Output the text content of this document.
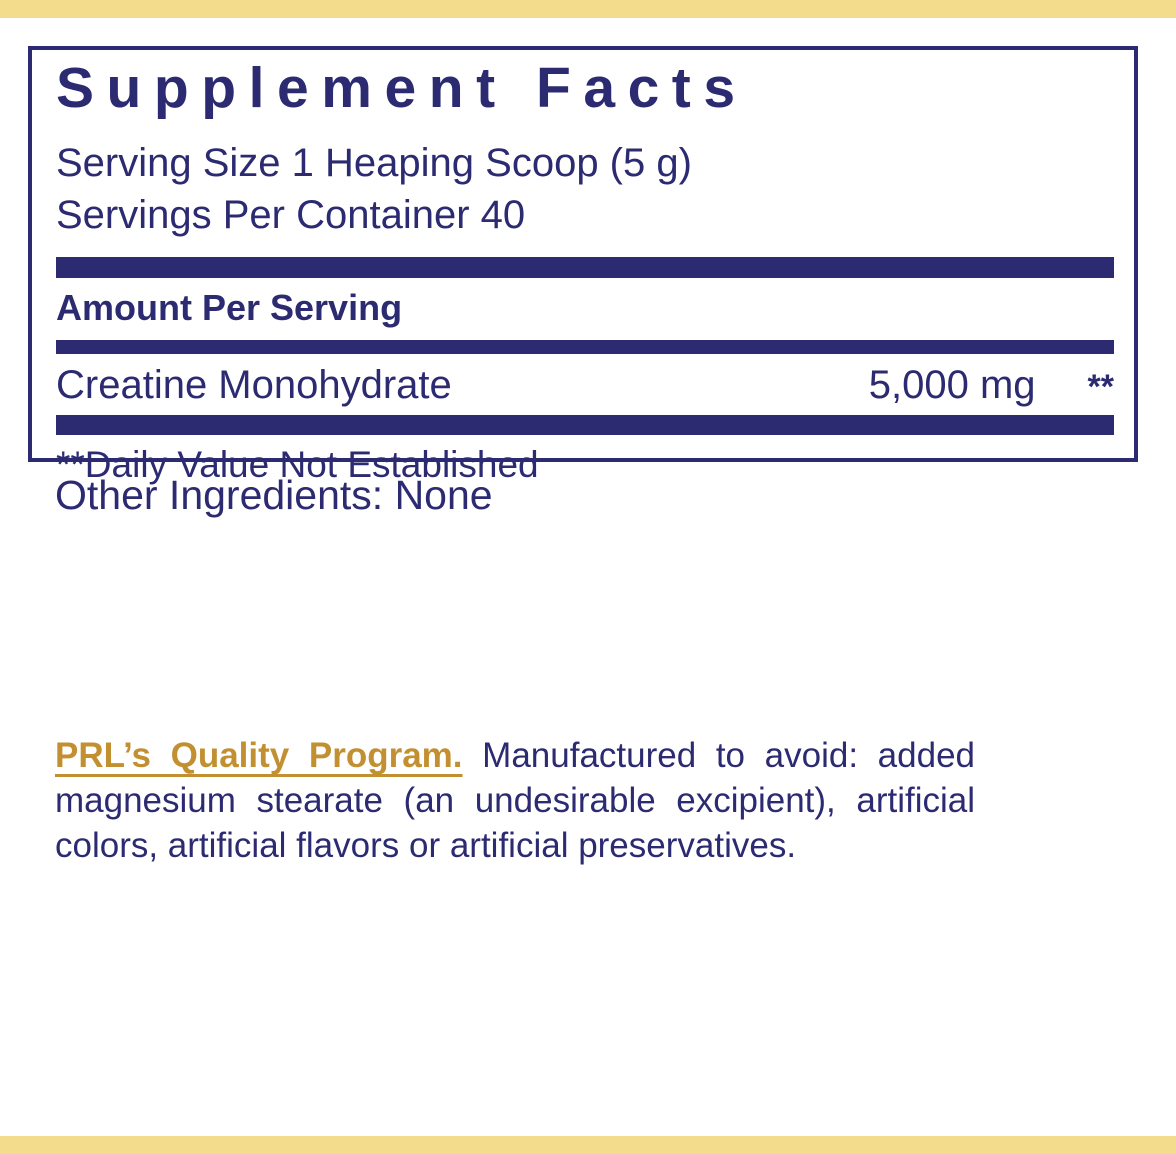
Supplement Facts

Serving Size 1 Heaping Scoop (5 g)

Servings Per Container 40

Amount Per Serving
Creatine Monohydrate	5,000 mg **

**Daily Value Not Established

Other Ingredients: None

PRL’s Quality Program. Manufactured to avoid: added magnesium stearate (an undesirable excipient), artificial colors, artificial flavors or artificial preservatives.
